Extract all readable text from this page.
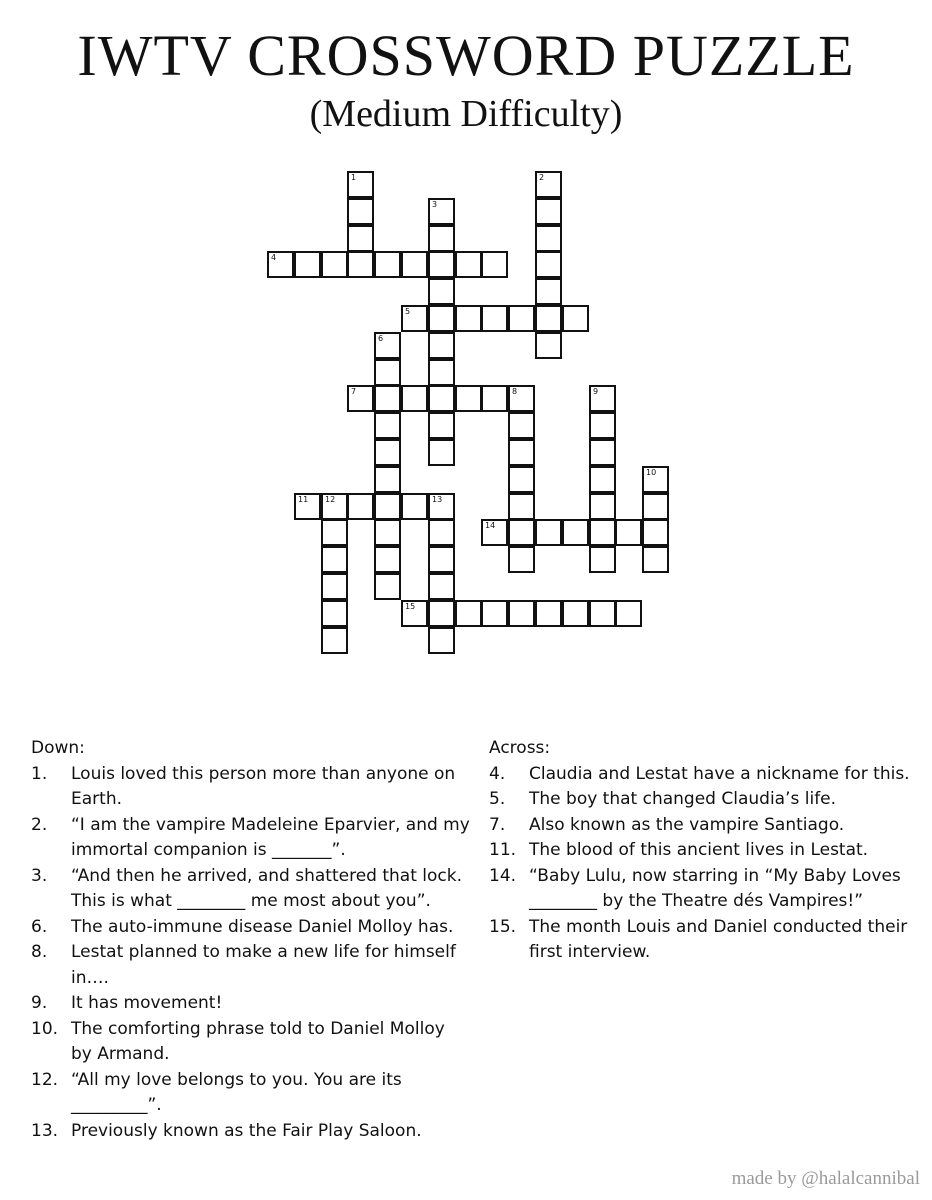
IWTV CROSSWORD PUZZLE
(Medium Difficulty)
1	2
3
4
5
6
7	8	9
10
11 12	13
14
15
Down:
1. Louis loved this person more than anyone on Earth.
2. “I am the vampire Madeleine Eparvier, and my immortal companion is _______”.
3. “And then he arrived, and shattered that lock. This is what ________ me most about you”.
6. The auto-immune disease Daniel Molloy has.
8. Lestat planned to make a new life for himself in….
9. It has movement!
10. The comforting phrase told to Daniel Molloy by Armand.
12. “All my love belongs to you. You are its _________”.
13. Previously known as the Fair Play Saloon.
Across:
4. Claudia and Lestat have a nickname for this.
5. The boy that changed Claudia’s life.
7. Also known as the vampire Santiago.
11. The blood of this ancient lives in Lestat.
14. “Baby Lulu, now starring in “My Baby Loves ________ by the Theatre dés Vampires!”
15. The month Louis and Daniel conducted their first interview.
made by @halalcannibal
